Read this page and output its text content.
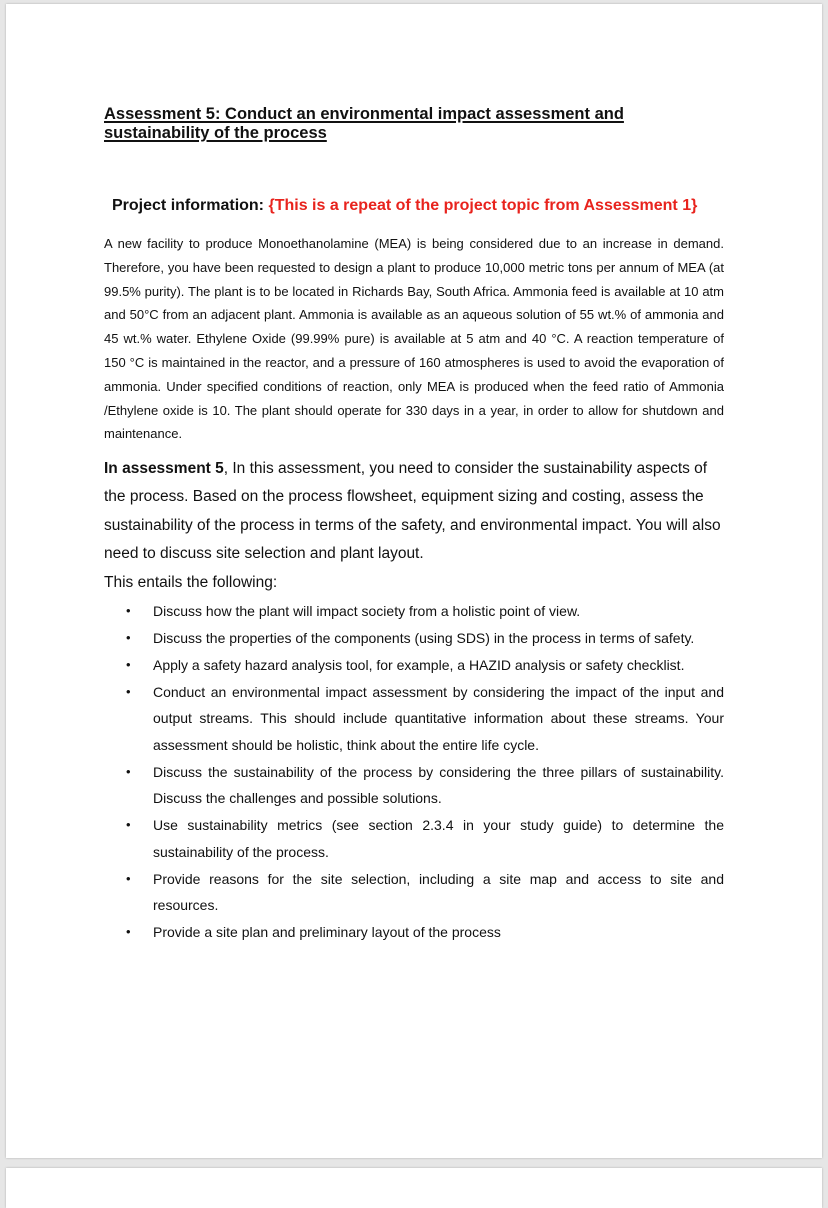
Assessment 5: Conduct an environmental impact assessment and sustainability of the process
Project information: {This is a repeat of the project topic from Assessment 1}

A new facility to produce Monoethanolamine (MEA) is being considered due to an increase in demand. Therefore, you have been requested to design a plant to produce 10,000 metric tons per annum of MEA (at 99.5% purity). The plant is to be located in Richards Bay, South Africa. Ammonia feed is available at 10 atm and 50°C from an adjacent plant. Ammonia is available as an aqueous solution of 55 wt.% of ammonia and 45 wt.% water. Ethylene Oxide (99.99% pure) is available at 5 atm and 40 °C. A reaction temperature of 150 °C is maintained in the reactor, and a pressure of 160 atmospheres is used to avoid the evaporation of ammonia. Under specified conditions of reaction, only MEA is produced when the feed ratio of Ammonia /Ethylene oxide is 10. The plant should operate for 330 days in a year, in order to allow for shutdown and maintenance.

In assessment 5, In this assessment, you need to consider the sustainability aspects of the process. Based on the process flowsheet, equipment sizing and costing, assess the sustainability of the process in terms of the safety, and environmental impact. You will also need to discuss site selection and plant layout.

This entails the following:

• Discuss how the plant will impact society from a holistic point of view.
• Discuss the properties of the components (using SDS) in the process in terms of safety.
• Apply a safety hazard analysis tool, for example, a HAZID analysis or safety checklist.
• Conduct an environmental impact assessment by considering the impact of the input and output streams. This should include quantitative information about these streams. Your assessment should be holistic, think about the entire life cycle.
• Discuss the sustainability of the process by considering the three pillars of sustainability. Discuss the challenges and possible solutions.
• Use sustainability metrics (see section 2.3.4 in your study guide) to determine the sustainability of the process.
• Provide reasons for the site selection, including a site map and access to site and resources.
• Provide a site plan and preliminary layout of the process
